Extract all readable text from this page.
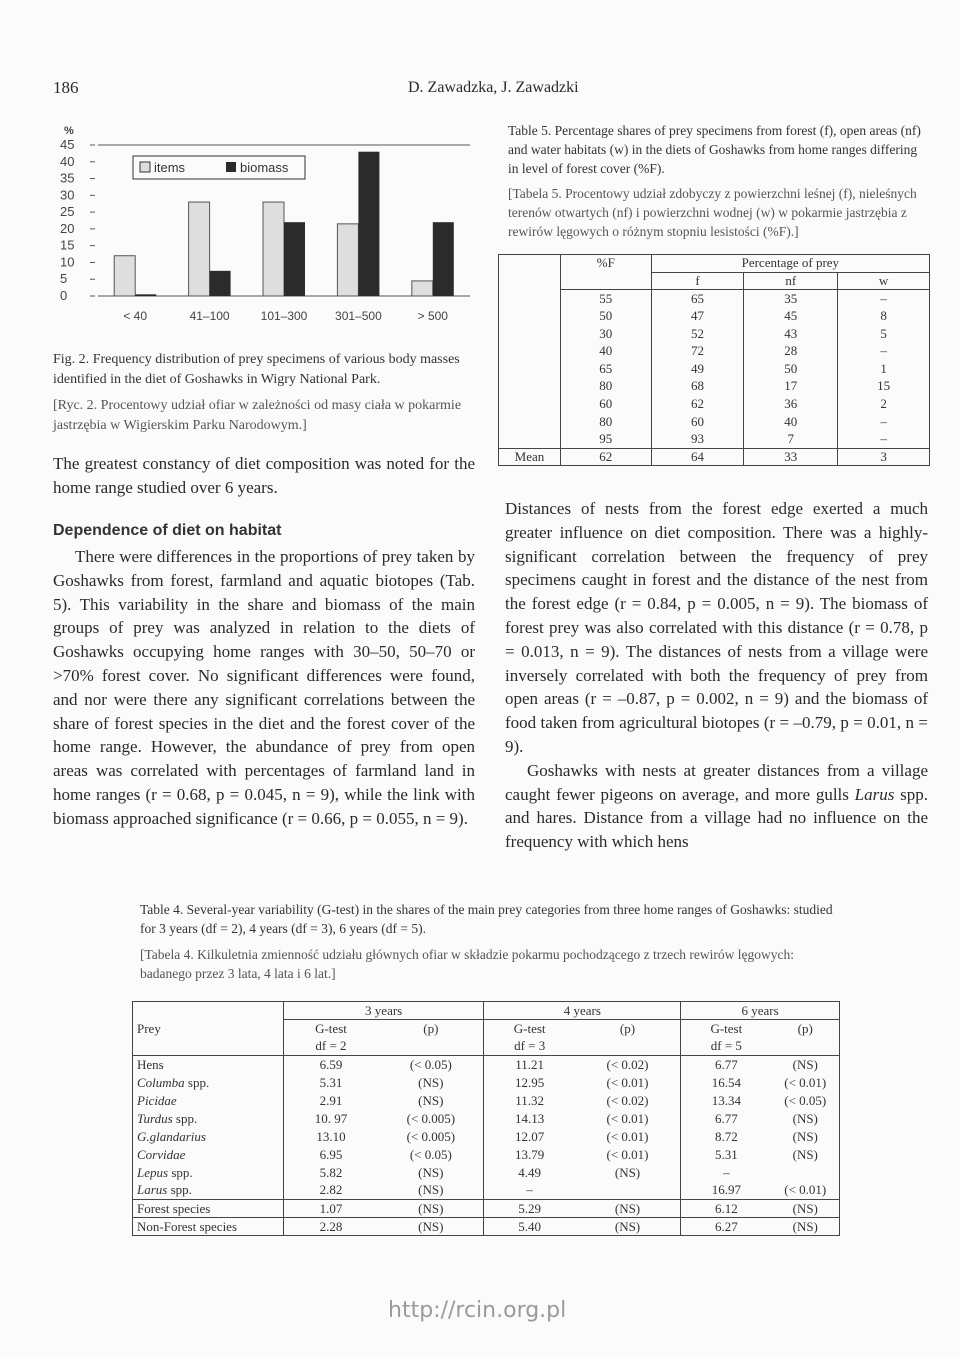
186	D. Zawadzka, J. Zawadzki
%
0
5
10
15
20
25
30
35
40
45
< 40	41–100	101–300 301–500	> 500
items	biomass
Fig. 2. Frequency distribution of prey specimens of various body masses identified in the diet of Goshawks in Wigry National Park.
[Ryc. 2. Procentowy udział ofiar w zależności od masy ciała w pokarmie jastrzębia w Wigierskim Parku Narodowym.]
The greatest constancy of diet composition was noted for the home range studied over 6 years.
Dependence of diet on habitat
There were differences in the proportions of prey taken by Goshawks from forest, farmland and aquatic biotopes (Tab. 5). This variability in the share and biomass of the main groups of prey was analyzed in relation to the diets of Goshawks occupying home ranges with 30–50, 50–70 or >70% forest cover. No significant differences were found, and nor were there any significant correlations between the share of forest species in the diet and the forest cover of the home range. However, the abundance of prey from open areas was correlated with percentages of farmland land in home ranges (r = 0.68, p = 0.045, n = 9), while the link with biomass approached significance (r = 0.66, p = 0.055, n = 9).
Table 5. Percentage shares of prey specimens from forest (f), open areas (nf) and water habitats (w) in the diets of Goshawks from home ranges differing in level of forest cover (%F).
[Tabela 5. Procentowy udział zdobyczy z powierzchni leśnej (f), nieleśnych terenów otwartych (nf) i powierzchni wodnej (w) w pokarmie jastrzębia z rewirów lęgowych o różnym stopniu lesistości (%F).]
	%F	Percentage of prey		
		f	nf	w
	55	65	35	–
	50	47	45	8
	30	52	43	5
	40	72	28	–
	65	49	50	1
	80	68	17	15
	60	62	36	2
	80	60	40	–
	95	93	7	–
Mean	62	64	33	3

Distances of nests from the forest edge exerted a much greater influence on diet composition. There was a highly-significant correlation between the frequency of prey specimens caught in forest and the distance of the nest from the forest edge (r = 0.84, p = 0.005, n = 9). The biomass of forest prey was also correlated with this distance (r = 0.78, p = 0.013, n = 9). The distances of nests from a village were inversely correlated with both the frequency of prey from open areas (r = –0.87, p = 0.002, n = 9) and the biomass of food taken from agricultural biotopes (r = –0.79, p = 0.01, n = 9).

Goshawks with nests at greater distances from a village caught fewer pigeons on average, and more gulls Larus spp. and hares. Distance from a village had no influence on the frequency with which hens

Table 4. Several-year variability (G-test) in the shares of the main prey categories from three home ranges of Goshawks: studied for 3 years (df = 2), 4 years (df = 3), 6 years (df = 5).
[Tabela 4. Kilkuletnia zmienność udziału głównych ofiar w składzie pokarmu pochodzącego z trzech rewirów lęgowych: badanego przez 3 lata, 4 lata i 6 lat.]
	3 years		4 years		6 years	
Prey	G-test	(p)	G-test	(p)	G-test	(p)
	df = 2		df = 3		df = 5	
Hens	6.59	(< 0.05)	11.21	(< 0.02)	6.77	(NS)
Columba spp.	5.31	(NS)	12.95	(< 0.01)	16.54	(< 0.01)
Picidae	2.91	(NS)	11.32	(< 0.02)	13.34	(< 0.05)
Turdus spp.	10. 97	(< 0.005)	14.13	(< 0.01)	6.77	(NS)
G.glandarius	13.10	(< 0.005)	12.07	(< 0.01)	8.72	(NS)
Corvidae	6.95	(< 0.05)	13.79	(< 0.01)	5.31	(NS)
Lepus spp.	5.82	(NS)	4.49	(NS)	–	
Larus spp.	2.82	(NS)	–		16.97	(< 0.01)
Forest species	1.07	(NS)	5.29	(NS)	6.12	(NS)
Non-Forest species	2.28	(NS)	5.40	(NS)	6.27	(NS)
http://rcin.org.pl
